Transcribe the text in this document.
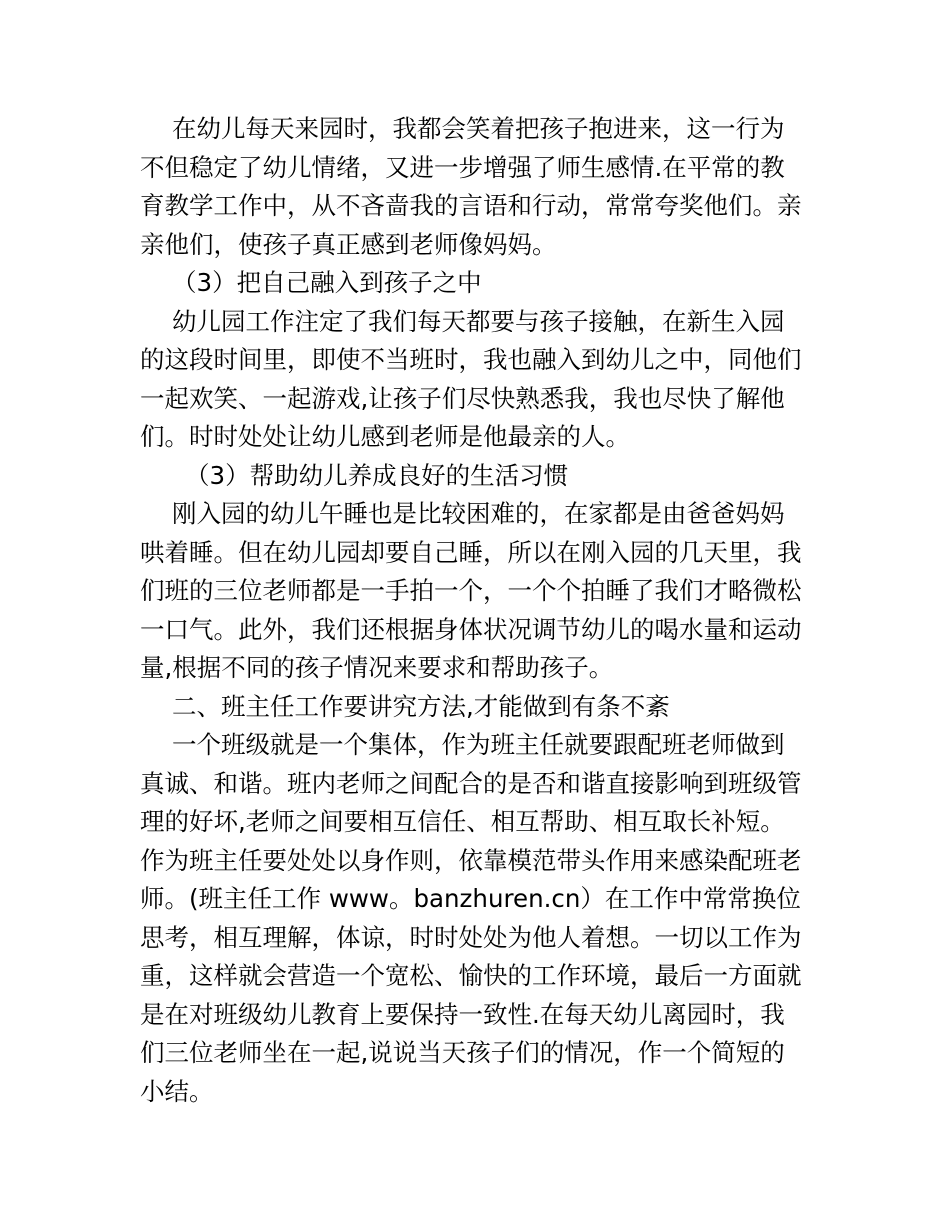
在幼儿每天来园时，我都会笑着把孩子抱进来，这一行为
不但稳定了幼儿情绪，又进一步增强了师生感情.在平常的教
育教学工作中，从不吝啬我的言语和行动，常常夸奖他们。亲
亲他们，使孩子真正感到老师像妈妈。
（3）把自己融入到孩子之中
幼儿园工作注定了我们每天都要与孩子接触，在新生入园
的这段时间里，即使不当班时，我也融入到幼儿之中，同他们
一起欢笑、一起游戏,让孩子们尽快熟悉我，我也尽快了解他
们。时时处处让幼儿感到老师是他最亲的人。
（3）帮助幼儿养成良好的生活习惯
刚入园的幼儿午睡也是比较困难的，在家都是由爸爸妈妈
哄着睡。但在幼儿园却要自己睡，所以在刚入园的几天里，我
们班的三位老师都是一手拍一个，一个个拍睡了我们才略微松
一口气。此外，我们还根据身体状况调节幼儿的喝水量和运动
量,根据不同的孩子情况来要求和帮助孩子。
二、班主任工作要讲究方法,才能做到有条不紊
一个班级就是一个集体，作为班主任就要跟配班老师做到
真诚、和谐。班内老师之间配合的是否和谐直接影响到班级管
理的好坏,老师之间要相互信任、相互帮助、相互取长补短。
作为班主任要处处以身作则，依靠模范带头作用来感染配班老
师。(班主任工作 www。banzhuren.cn）在工作中常常换位
思考，相互理解，体谅，时时处处为他人着想。一切以工作为
重，这样就会营造一个宽松、愉快的工作环境，最后一方面就
是在对班级幼儿教育上要保持一致性.在每天幼儿离园时，我
们三位老师坐在一起,说说当天孩子们的情况，作一个简短的
小结。
